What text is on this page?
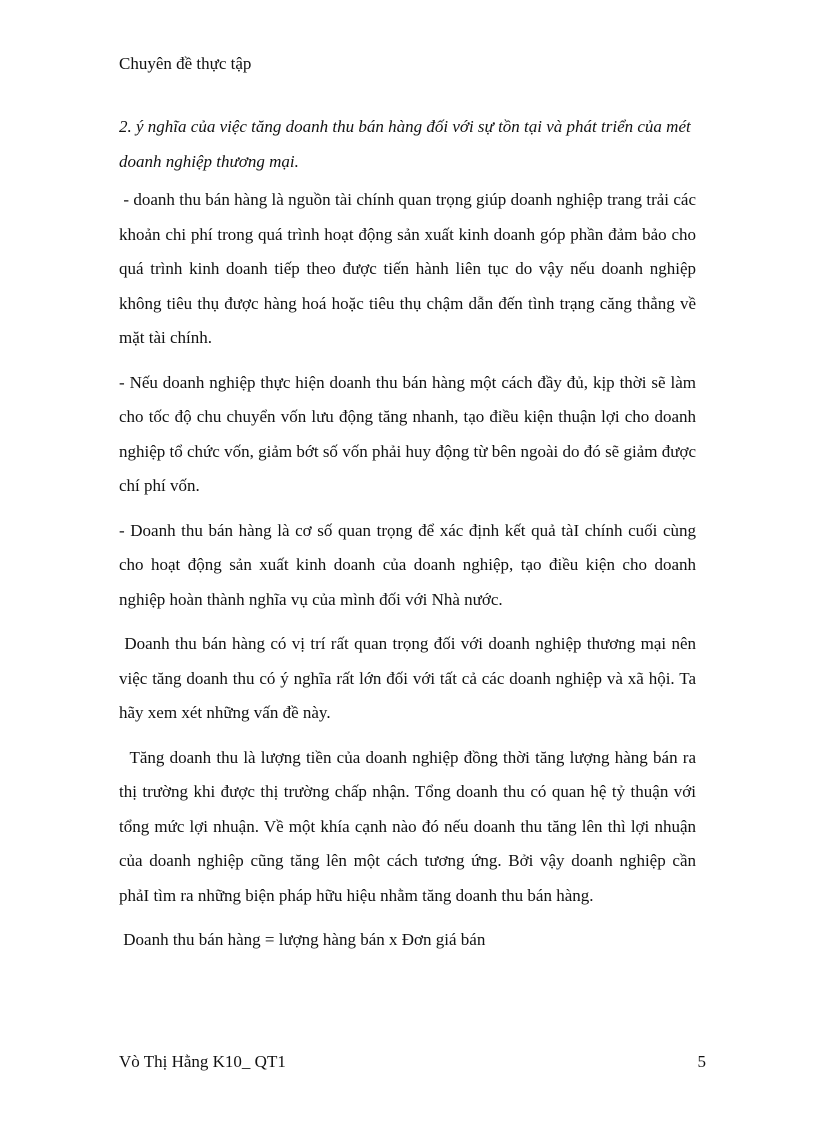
Chuyên đề thực tập

2. ý nghĩa của việc tăng doanh thu bán hàng đối với sự tồn tại và phát triển của mét doanh nghiệp thương mại.

- doanh thu bán hàng là nguồn tài chính quan trọng giúp doanh nghiệp trang trải các khoản chi phí trong quá trình hoạt động sản xuất kinh doanh góp phần đảm bảo cho quá trình kinh doanh tiếp theo được tiến hành liên tục do vậy nếu doanh nghiệp không tiêu thụ được hàng hoá hoặc tiêu thụ chậm dẫn đến tình trạng căng thẳng về mặt tài chính.

- Nếu doanh nghiệp thực hiện doanh thu bán hàng một cách đầy đủ, kịp thời sẽ làm cho tốc độ chu chuyển vốn lưu động tăng nhanh, tạo điều kiện thuận lợi cho doanh nghiệp tổ chức vốn, giảm bớt số vốn phải huy động từ bên ngoài do đó sẽ giảm được chí phí vốn.

- Doanh thu bán hàng là cơ số quan trọng để xác định kết quả tàI chính cuối cùng cho hoạt động sản xuất kinh doanh của doanh nghiệp, tạo điều kiện cho doanh nghiệp hoàn thành nghĩa vụ của mình đối với Nhà nước.

Doanh thu bán hàng có vị trí rất quan trọng đối với doanh nghiệp thương mại nên việc tăng doanh thu có ý nghĩa rất lớn đối với tất cả các doanh nghiệp và xã hội. Ta hãy xem xét những vấn đề này.

Tăng doanh thu là lượng tiền của doanh nghiệp đồng thời tăng lượng hàng bán ra thị trường khi được thị trường chấp nhận. Tổng doanh thu có quan hệ tỷ thuận với tổng mức lợi nhuận. Về một khía cạnh nào đó nếu doanh thu tăng lên thì lợi nhuận của doanh nghiệp cũng tăng lên một cách tương ứng. Bởi vậy doanh nghiệp cần phảI tìm ra những biện pháp hữu hiệu nhằm tăng doanh thu bán hàng.

Doanh thu bán hàng = lượng hàng bán x Đơn giá bán

Vò Thị Hằng K10_ QT1	5
